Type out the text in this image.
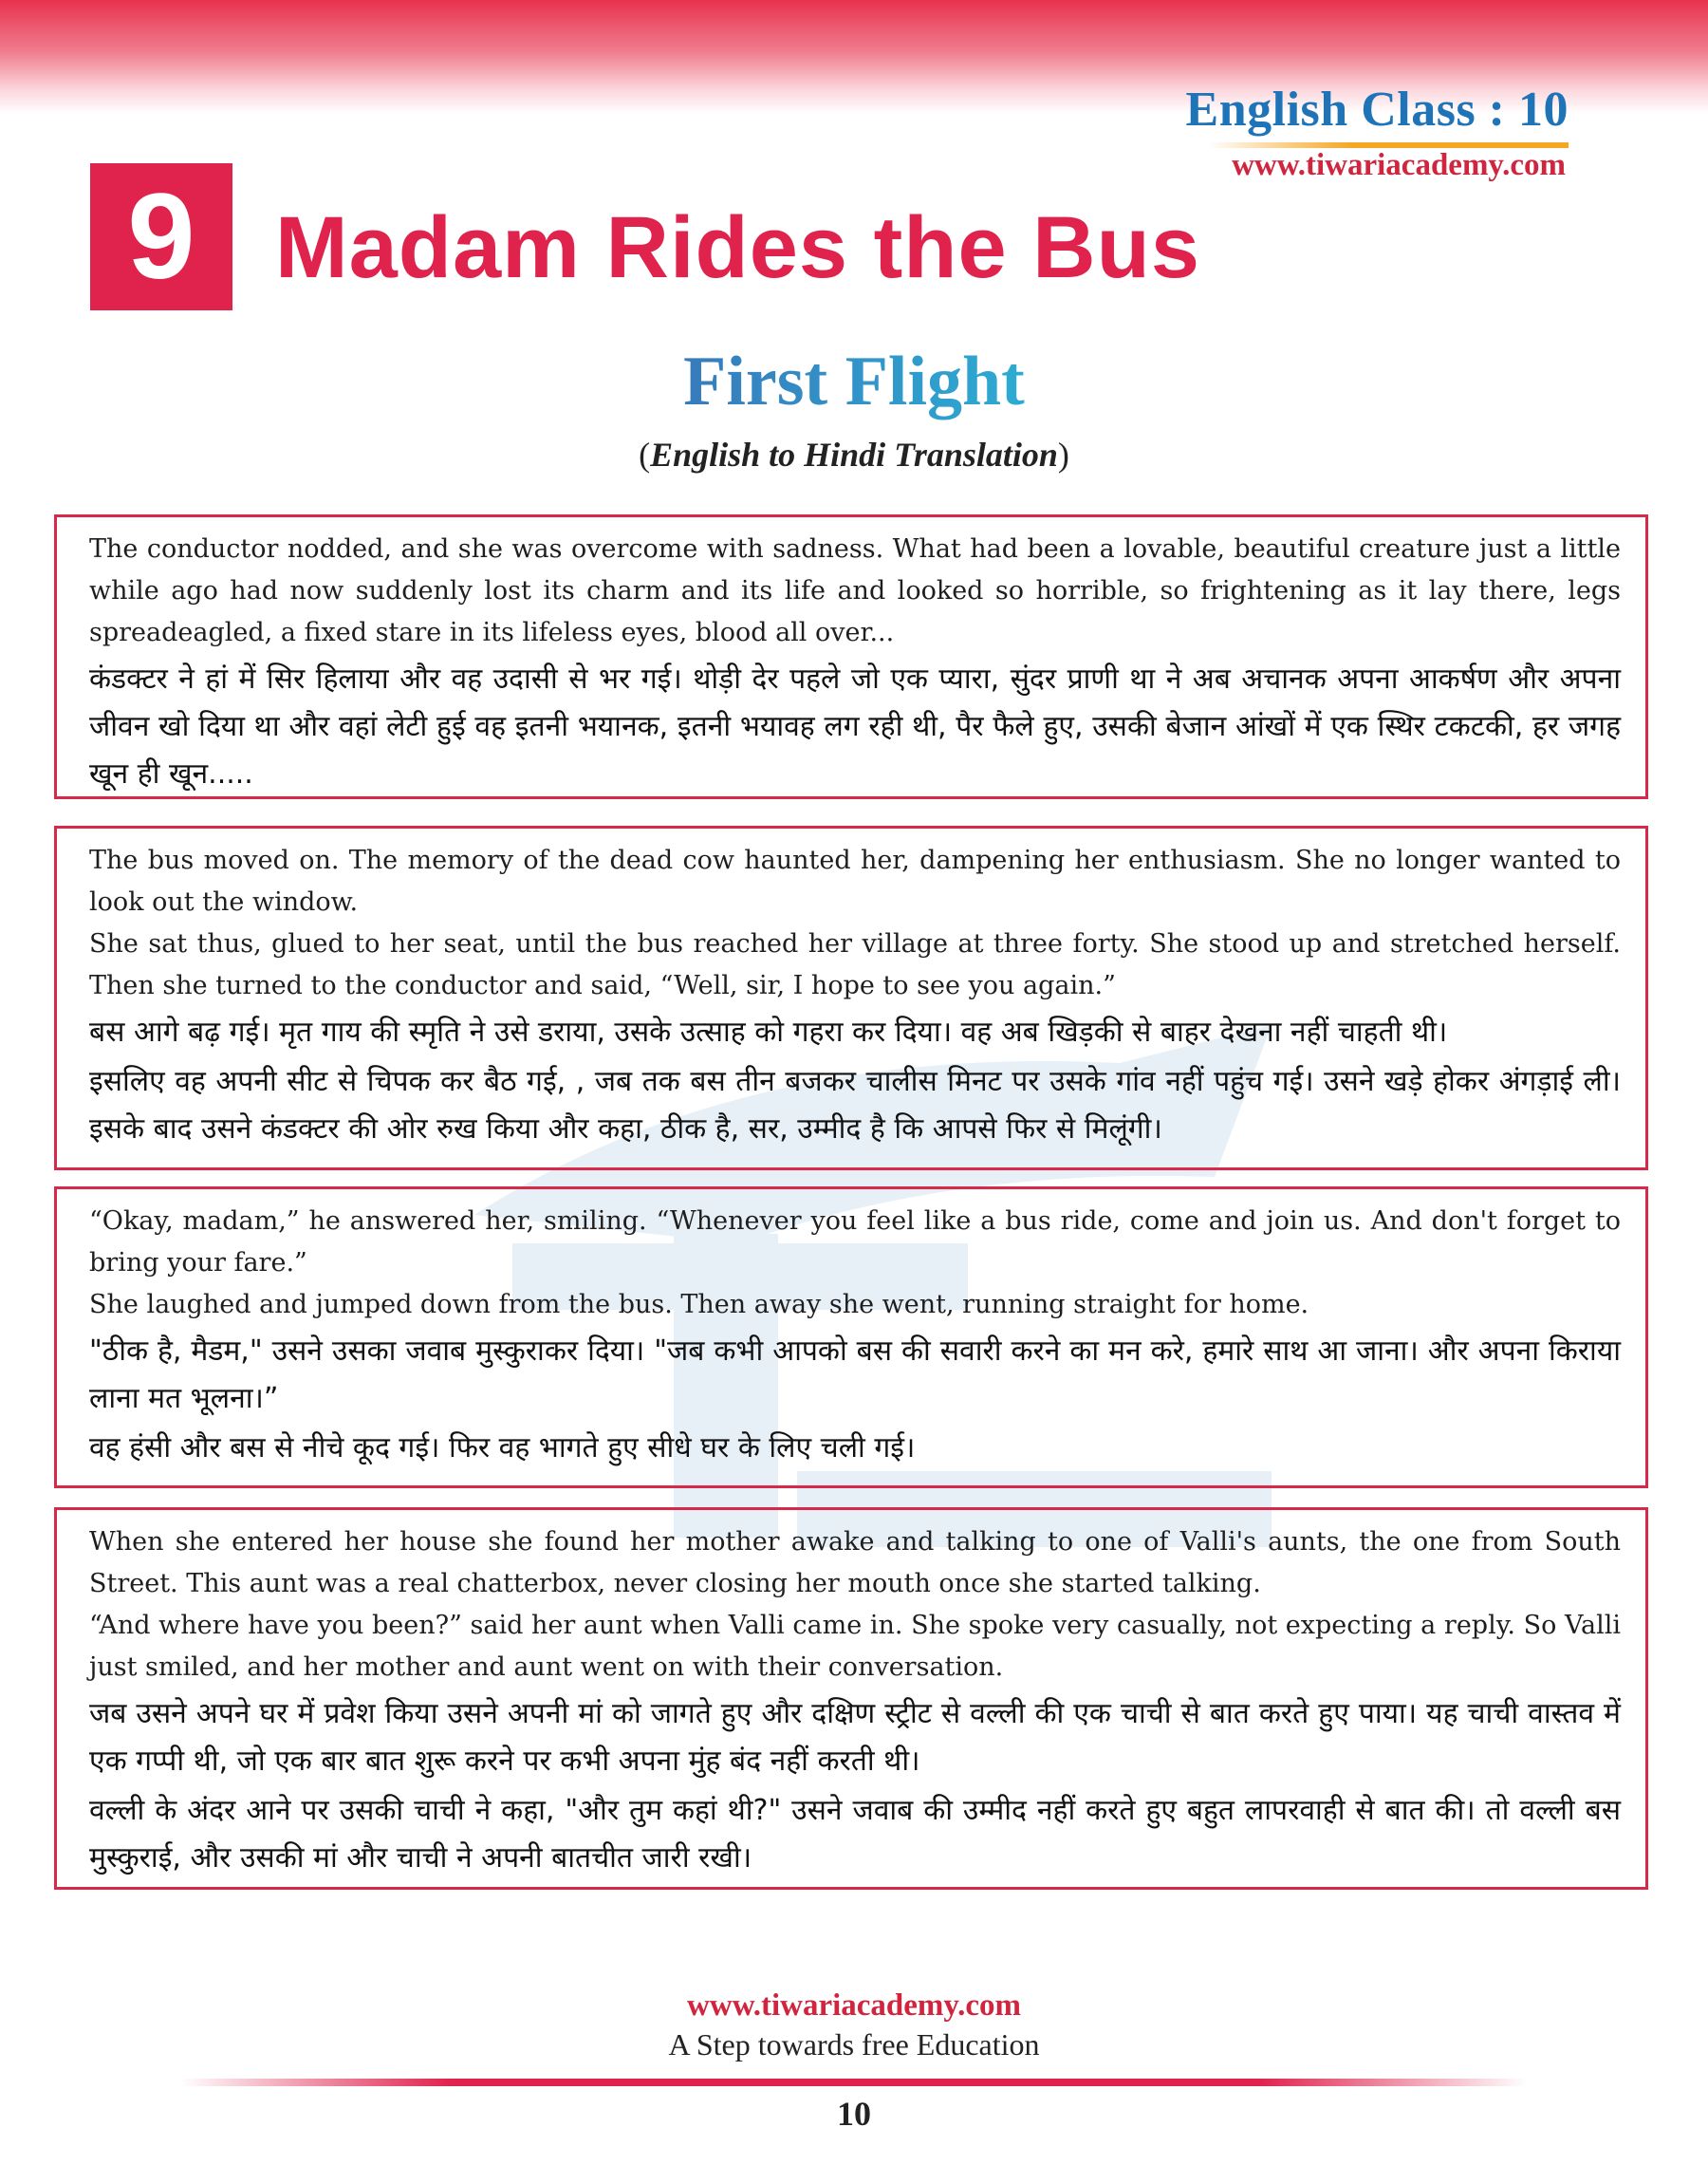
English Class : 10
www.tiwariacademy.com
9 Madam Rides the Bus
First Flight
(English to Hindi Translation)

The conductor nodded, and she was overcome with sadness. What had been a lovable, beautiful creature just a little while ago had now suddenly lost its charm and its life and looked so horrible, so frightening as it lay there, legs spreadeagled, a fixed stare in its lifeless eyes, blood all over...

कंडक्टर ने हां में सिर हिलाया और वह उदासी से भर गई। थोड़ी देर पहले जो एक प्यारा, सुंदर प्राणी था ने अब अचानक अपना आकर्षण और अपना जीवन खो दिया था और वहां लेटी हुई वह इतनी भयानक, इतनी भयावह लग रही थी, पैर फैले हुए, उसकी बेजान आंखों में एक स्थिर टकटकी, हर जगह खून ही खून.....

The bus moved on. The memory of the dead cow haunted her, dampening her enthusiasm. She no longer wanted to look out the window.

She sat thus, glued to her seat, until the bus reached her village at three forty. She stood up and stretched herself. Then she turned to the conductor and said, “Well, sir, I hope to see you again.”

बस आगे बढ़ गई। मृत गाय की स्मृति ने उसे डराया, उसके उत्साह को गहरा कर दिया। वह अब खिड़की से बाहर देखना नहीं चाहती थी।

इसलिए वह अपनी सीट से चिपक कर बैठ गई, , जब तक बस तीन बजकर चालीस मिनट पर उसके गांव नहीं पहुंच गई। उसने खड़े होकर अंगड़ाई ली। इसके बाद उसने कंडक्टर की ओर रुख किया और कहा, ठीक है, सर, उम्मीद है कि आपसे फिर से मिलूंगी।

“Okay, madam,” he answered her, smiling. “Whenever you feel like a bus ride, come and join us. And don't forget to bring your fare.”

She laughed and jumped down from the bus. Then away she went, running straight for home.

"ठीक है, मैडम," उसने उसका जवाब मुस्कुराकर दिया। "जब कभी आपको बस की सवारी करने का मन करे, हमारे साथ आ जाना। और अपना किराया लाना मत भूलना।”

वह हंसी और बस से नीचे कूद गई। फिर वह भागते हुए सीधे घर के लिए चली गई।

When she entered her house she found her mother awake and talking to one of Valli's aunts, the one from South Street. This aunt was a real chatterbox, never closing her mouth once she started talking.

“And where have you been?” said her aunt when Valli came in. She spoke very casually, not expecting a reply. So Valli just smiled, and her mother and aunt went on with their conversation.

जब उसने अपने घर में प्रवेश किया उसने अपनी मां को जागते हुए और दक्षिण स्ट्रीट से वल्ली की एक चाची से बात करते हुए पाया। यह चाची वास्तव में एक गप्पी थी, जो एक बार बात शुरू करने पर कभी अपना मुंह बंद नहीं करती थी।

वल्ली के अंदर आने पर उसकी चाची ने कहा, "और तुम कहां थी?" उसने जवाब की उम्मीद नहीं करते हुए बहुत लापरवाही से बात की। तो वल्ली बस मुस्कुराई, और उसकी मां और चाची ने अपनी बातचीत जारी रखी।

www.tiwariacademy.com
A Step towards free Education
10
